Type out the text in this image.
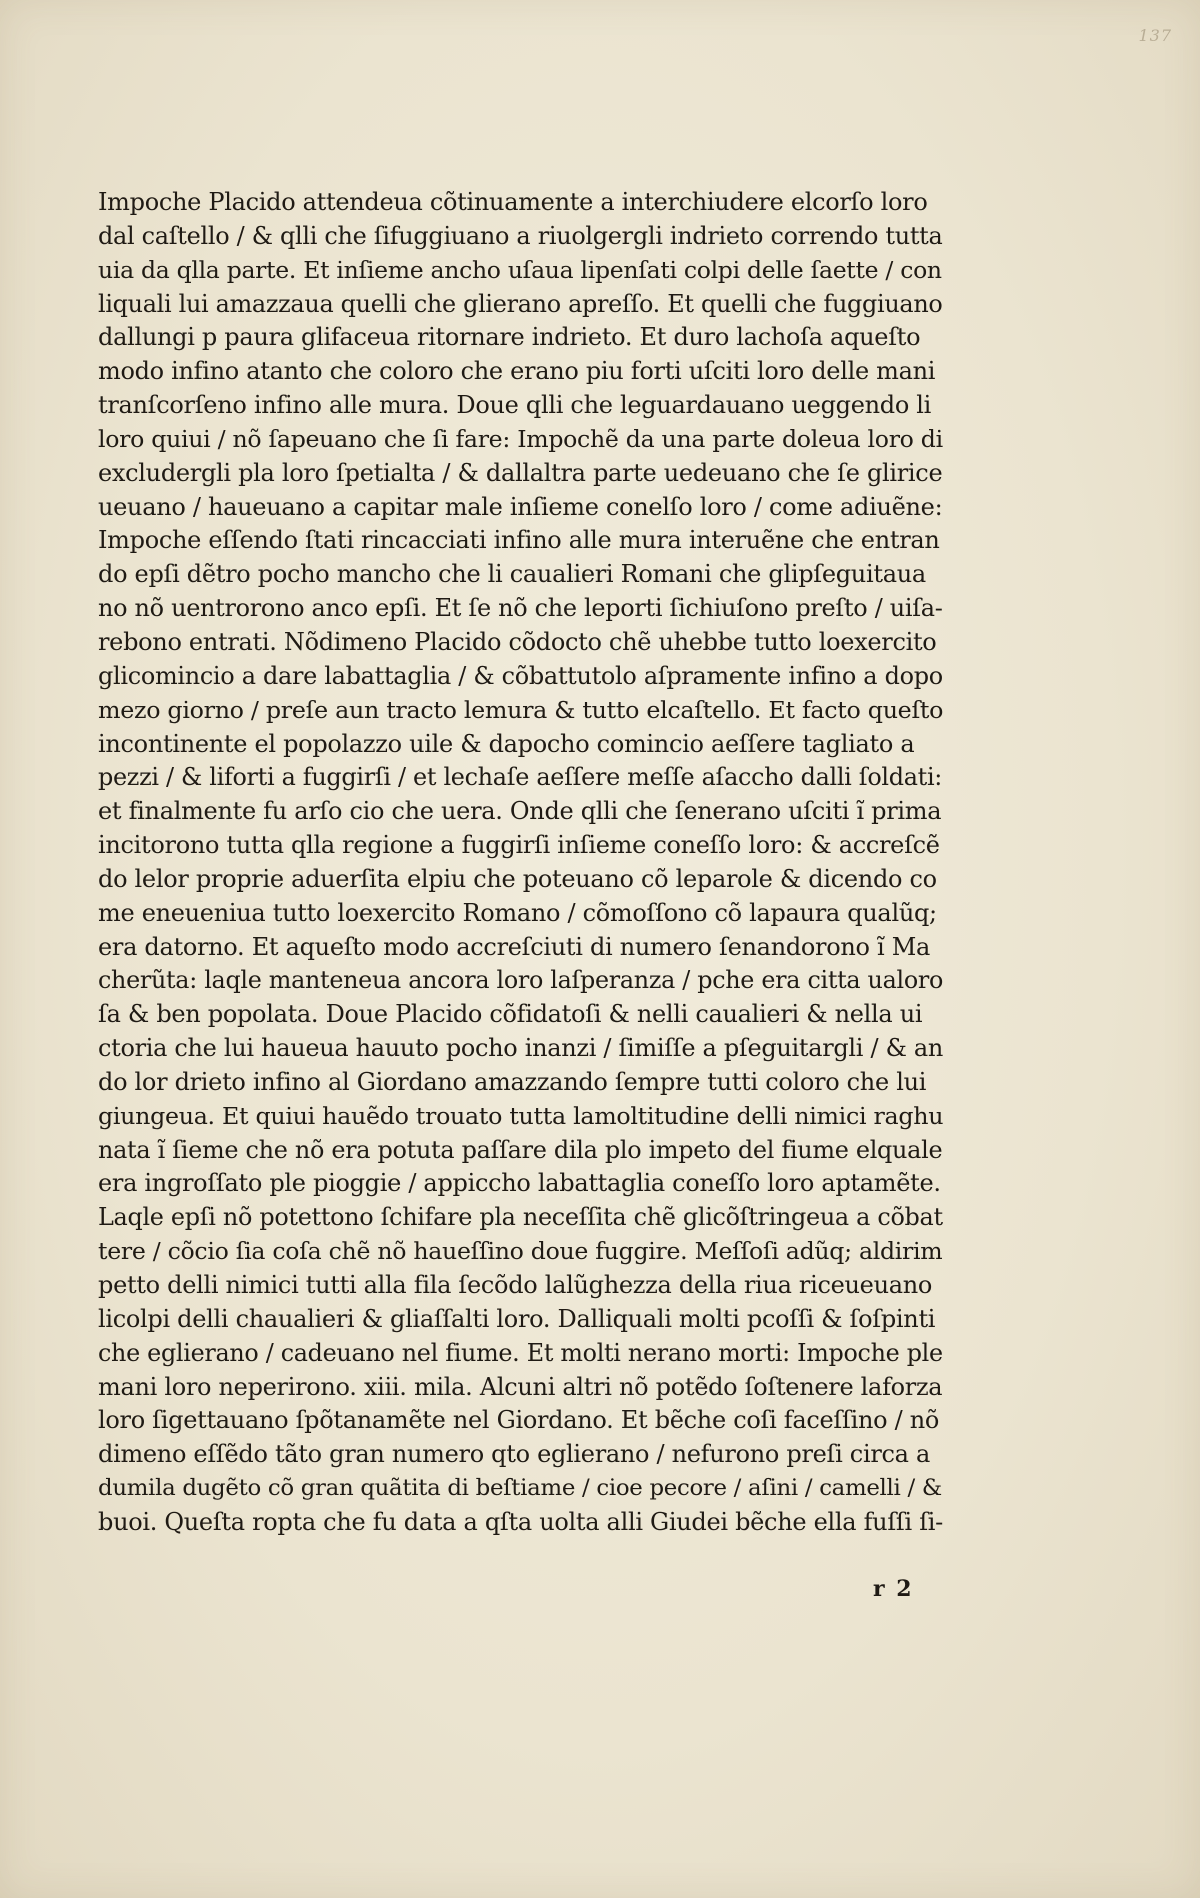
137
Impoche Placido attendeua cõtinuamente a interchiudere elcorſo loro
dal caſtello / & qlli che ſifuggiuano a riuolgergli indrieto correndo tutta
uia da qlla parte. Et inſieme ancho uſaua lipenſati colpi delle ſaette / con
liquali lui amazzaua quelli che glierano apreſſo. Et quelli che fuggiuano
dallungi p paura glifaceua ritornare indrieto. Et duro lachoſa aqueſto
modo infino atanto che coloro che erano piu forti uſciti loro delle mani
tranſcorſeno infino alle mura. Doue qlli che leguardauano ueggendo li
loro quiui / nõ ſapeuano che ſi fare: Impochẽ da una parte doleua loro di
excludergli pla loro ſpetialta / & dallaltra parte uedeuano che ſe glirice
ueuano / haueuano a capitar male inſieme conelſo loro / come adiuẽne:
Impoche eſſendo ſtati rincacciati infino alle mura interuẽne che entran
do epſi dẽtro pocho mancho che li caualieri Romani che glipſeguitaua
no nõ uentrorono anco epſi. Et ſe nõ che leporti ſichiuſono preſto / uiſa-
rebono entrati. Nõdimeno Placido cõdocto chẽ uhebbe tutto loexercito
glicomincio a dare labattaglia / & cõbattutolo aſpramente infino a dopo
mezo giorno / preſe aun tracto lemura & tutto elcaſtello. Et facto queſto
incontinente el popolazzo uile & dapocho comincio aeſſere tagliato a
pezzi / & liforti a fuggirſi / et lechaſe aeſſere meſſe aſaccho dalli ſoldati:
et finalmente fu arſo cio che uera. Onde qlli che ſenerano uſciti ĩ prima
incitorono tutta qlla regione a fuggirſi inſieme coneſſo loro: & accreſcẽ
do lelor proprie aduerſita elpiu che poteuano cõ leparole & dicendo co
me eneueniua tutto loexercito Romano / cõmoſſono cõ lapaura qualũq;
era datorno. Et aqueſto modo accreſciuti di numero ſenandorono ĩ Ma
cherũta: laqle manteneua ancora loro laſperanza / pche era citta ualoro
ſa & ben popolata. Doue Placido cõfidatoſi & nelli caualieri & nella ui
ctoria che lui haueua hauuto pocho inanzi / ſimiſſe a pſeguitargli / & an
do lor drieto infino al Giordano amazzando ſempre tutti coloro che lui
giungeua. Et quiui hauẽdo trouato tutta lamoltitudine delli nimici raghu
nata ĩ ſieme che nõ era potuta paſſare dila plo impeto del fiume elquale
era ingroſſato ple pioggie / appiccho labattaglia coneſſo loro aptamẽte.
Laqle epſi nõ potettono ſchifare pla neceſſita chẽ glicõſtringeua a cõbat
tere / cõcio ſia coſa chẽ nõ haueſſino doue fuggire. Meſſoſi adũq; aldirim
petto delli nimici tutti alla fila ſecõdo lalũghezza della riua riceueuano
licolpi delli chaualieri & gliaſſalti loro. Dalliquali molti pcoſſi & ſoſpinti
che eglierano / cadeuano nel fiume. Et molti nerano morti: Impoche ple
mani loro neperirono. xiii. mila. Alcuni altri nõ potẽdo ſoſtenere laforza
loro ſigettauano ſpõtanamẽte nel Giordano. Et bẽche coſi faceſſino / nõ
dimeno eſſẽdo tãto gran numero qto eglierano / nefurono preſi circa a
dumila dugẽto cõ gran quãtita di beſtiame / cioe pecore / aſini / camelli / &
buoi. Queſta ropta che fu data a qſta uolta alli Giudei bẽche ella fuſſi ſi-
r 2
